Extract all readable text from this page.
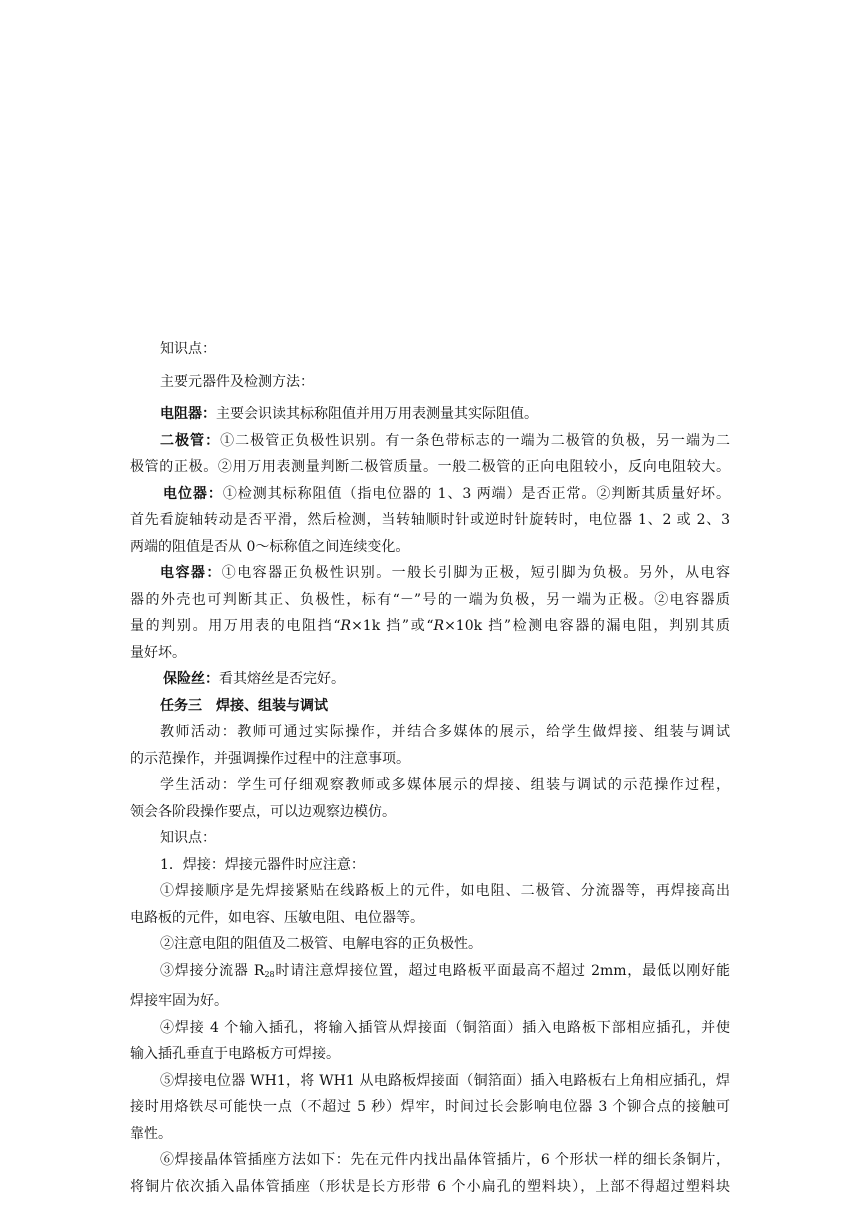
知识点：
主要元器件及检测方法：
电阻器：主要会识读其标称阻值并用万用表测量其实际阻值。
二极管：①二极管正负极性识别。有一条色带标志的一端为二极管的负极，另一端为二
极管的正极。②用万用表测量判断二极管质量。一般二极管的正向电阻较小，反向电阻较大。
电位器：①检测其标称阻值（指电位器的 1、3 两端）是否正常。②判断其质量好坏。
首先看旋轴转动是否平滑，然后检测，当转轴顺时针或逆时针旋转时，电位器 1、2 或 2、3
两端的阻值是否从 0～标称值之间连续变化。
电容器：①电容器正负极性识别。一般长引脚为正极，短引脚为负极。另外，从电容
器的外壳也可判断其正、负极性，标有“－”号的一端为负极，另一端为正极。②电容器质
量的判别。用万用表的电阻挡“R×1k 挡”或“R×10k 挡”检测电容器的漏电阻，判别其质
量好坏。
保险丝：看其熔丝是否完好。
任务三　焊接、组装与调试
教师活动：教师可通过实际操作，并结合多媒体的展示，给学生做焊接、组装与调试
的示范操作，并强调操作过程中的注意事项。
学生活动：学生可仔细观察教师或多媒体展示的焊接、组装与调试的示范操作过程，
领会各阶段操作要点，可以边观察边模仿。
知识点：
1．焊接：焊接元器件时应注意：
①焊接顺序是先焊接紧贴在线路板上的元件，如电阻、二极管、分流器等，再焊接高出
电路板的元件，如电容、压敏电阻、电位器等。
②注意电阻的阻值及二极管、电解电容的正负极性。
③焊接分流器 $R_{28}$时请注意焊接位置，超过电路板平面最高不超过 2mm，最低以刚好能
焊接牢固为好。
④焊接 4 个输入插孔，将输入插管从焊接面（铜箔面）插入电路板下部相应插孔，并使
输入插孔垂直于电路板方可焊接。
⑤焊接电位器 WH1，将 WH1 从电路板焊接面（铜箔面）插入电路板右上角相应插孔，焊
接时用烙铁尽可能快一点（不超过 5 秒）焊牢，时间过长会影响电位器 3 个铆合点的接触可
靠性。
⑥焊接晶体管插座方法如下：先在元件内找出晶体管插片，6 个形状一样的细长条铜片，
将铜片依次插入晶体管插座（形状是长方形带 6 个小扁孔的塑料块），上部不得超过塑料块
